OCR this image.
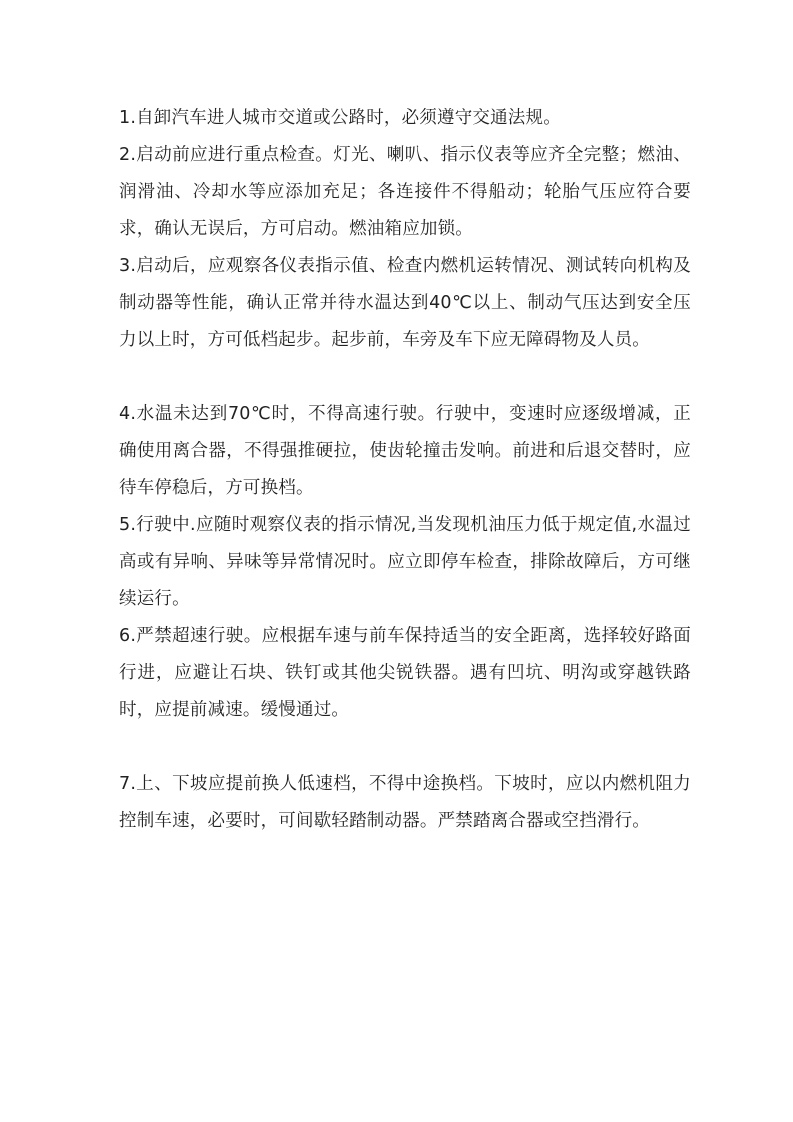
1.自卸汽车进人城市交道或公路时，必须遵守交通法规。

2.启动前应进行重点检查。灯光、喇叭、指示仪表等应齐全完整；燃油、润滑油、冷却水等应添加充足；各连接件不得船动；轮胎气压应符合要求，确认无误后，方可启动。燃油箱应加锁。

3.启动后，应观察各仪表指示值、检查内燃机运转情况、测试转向机构及制动器等性能，确认正常并待水温达到40℃以上、制动气压达到安全压力以上时，方可低档起步。起步前，车旁及车下应无障碍物及人员。

4.水温未达到70℃时，不得高速行驶。行驶中，变速时应逐级增减，正确使用离合器，不得强推硬拉，使齿轮撞击发响。前进和后退交替时，应待车停稳后，方可换档。

5.行驶中.应随时观察仪表的指示情况,当发现机油压力低于规定值,水温过高或有异响、异味等异常情况时。应立即停车检查，排除故障后，方可继续运行。

6.严禁超速行驶。应根据车速与前车保持适当的安全距离，选择较好路面行进，应避让石块、铁钉或其他尖锐铁器。遇有凹坑、明沟或穿越铁路时，应提前减速。缓慢通过。

7.上、下坡应提前换人低速档，不得中途换档。下坡时，应以内燃机阻力控制车速，必要时，可间歇轻踏制动器。严禁踏离合器或空挡滑行。
